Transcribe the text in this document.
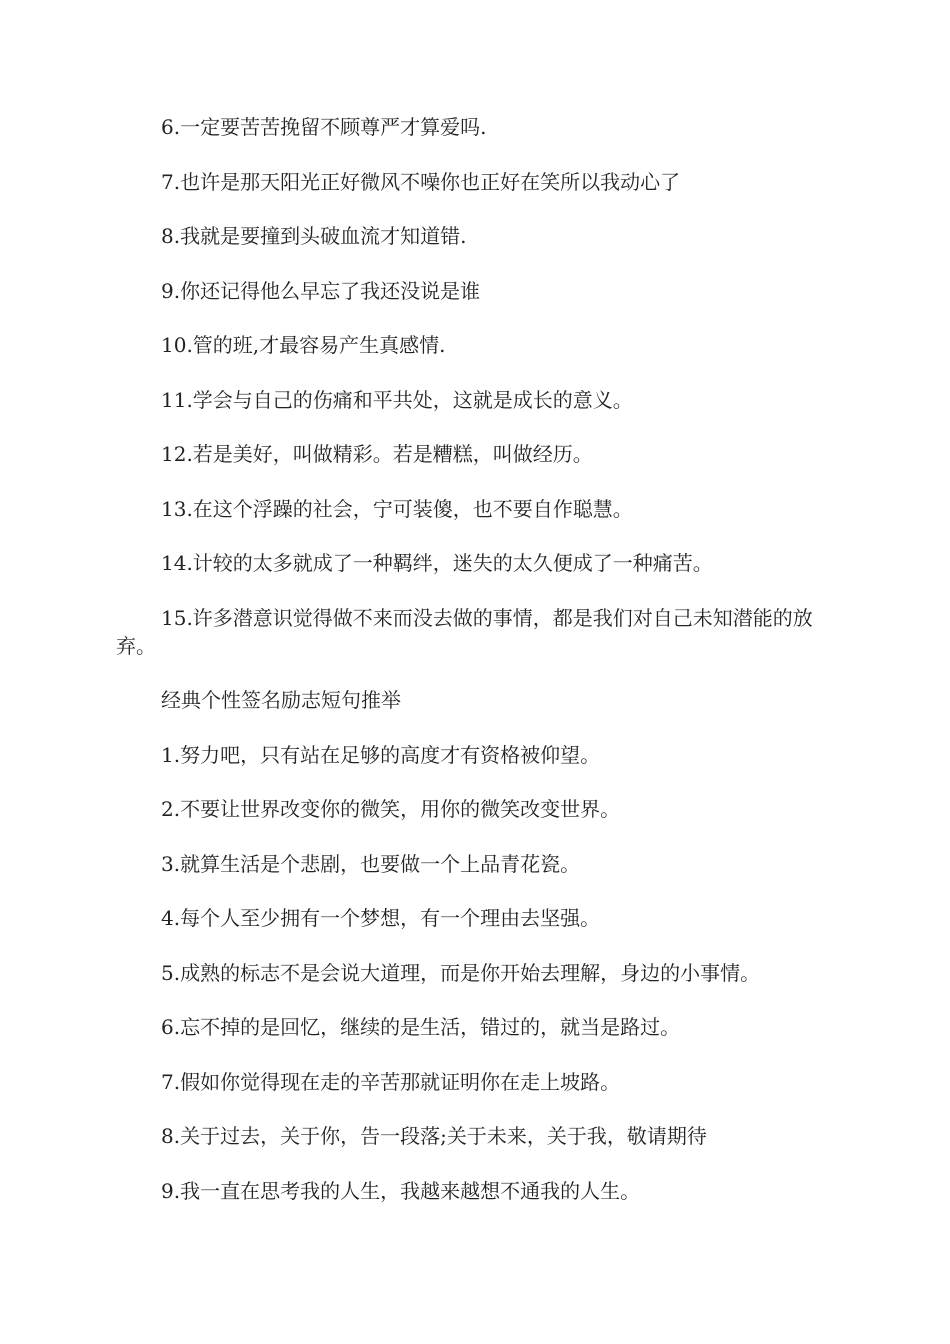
6.一定要苦苦挽留不顾尊严才算爱吗.

7.也许是那天阳光正好微风不噪你也正好在笑所以我动心了

8.我就是要撞到头破血流才知道错.

9.你还记得他么早忘了我还没说是谁

10.管的班,才最容易产生真感情.

11.学会与自己的伤痛和平共处，这就是成长的意义。

12.若是美好，叫做精彩。若是糟糕，叫做经历。

13.在这个浮躁的社会，宁可装傻，也不要自作聪慧。

14.计较的太多就成了一种羁绊，迷失的太久便成了一种痛苦。

15.许多潜意识觉得做不来而没去做的事情，都是我们对自己未知潜能的放弃。

经典个性签名励志短句推举

1.努力吧，只有站在足够的高度才有资格被仰望。

2.不要让世界改变你的微笑，用你的微笑改变世界。

3.就算生活是个悲剧，也要做一个上品青花瓷。

4.每个人至少拥有一个梦想，有一个理由去坚强。

5.成熟的标志不是会说大道理，而是你开始去理解，身边的小事情。

6.忘不掉的是回忆，继续的是生活，错过的，就当是路过。

7.假如你觉得现在走的辛苦那就证明你在走上坡路。

8.关于过去，关于你，告一段落;关于未来，关于我，敬请期待

9.我一直在思考我的人生，我越来越想不通我的人生。
